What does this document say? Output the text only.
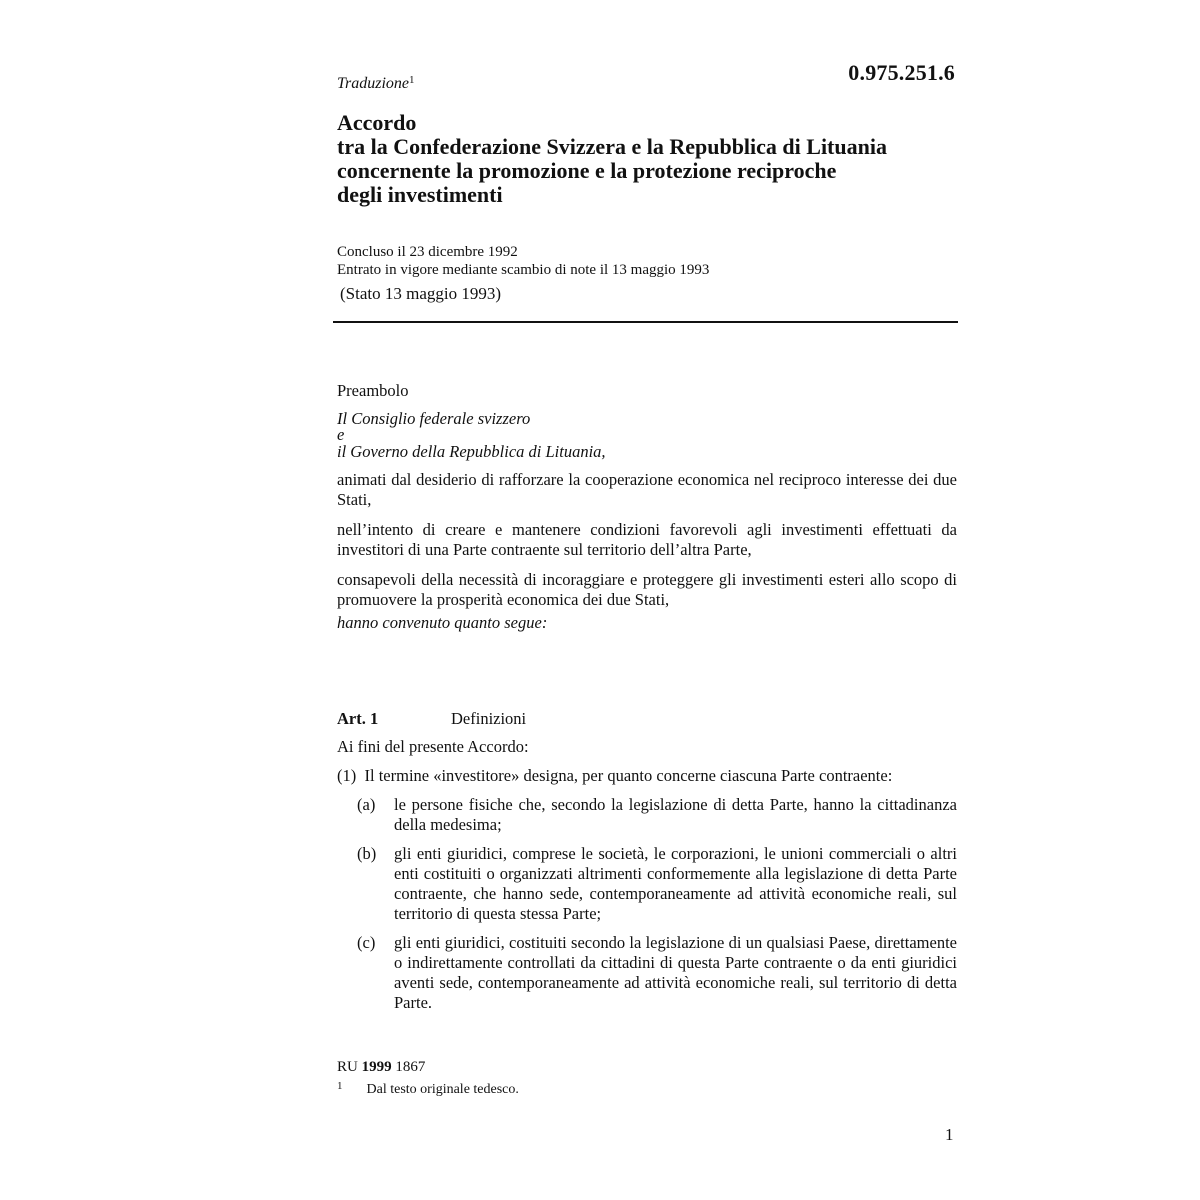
0.975.251.6
Traduzione$^1$
Accordo
tra la Confederazione Svizzera e la Repubblica di Lituania
concernente la promozione e la protezione reciproche
degli investimenti
Concluso il 23 dicembre 1992
Entrato in vigore mediante scambio di note il 13 maggio 1993
(Stato 13 maggio 1993)

Preambolo

Il Consiglio federale svizzero

e

il Governo della Repubblica di Lituania,

animati dal desiderio di rafforzare la cooperazione economica nel reciproco interesse dei due Stati,

nell’intento di creare e mantenere condizioni favorevoli agli investimenti effettuati da investitori di una Parte contraente sul territorio dell’altra Parte,

consapevoli della necessità di incoraggiare e proteggere gli investimenti esteri allo scopo di promuovere la prosperità economica dei due Stati,

hanno convenuto quanto segue:

Art. 1	Definizioni

Ai fini del presente Accordo:

(1) Il termine «investitore» designa, per quanto concerne ciascuna Parte contraente:

(a) le persone fisiche che, secondo la legislazione di detta Parte, hanno la cittadinanza della medesima;

(b) gli enti giuridici, comprese le società, le corporazioni, le unioni commerciali o altri enti costituiti o organizzati altrimenti conformemente alla legislazione di detta Parte contraente, che hanno sede, contemporaneamente ad attività economiche reali, sul territorio di questa stessa Parte;

(c) gli enti giuridici, costituiti secondo la legislazione di un qualsiasi Paese, direttamente o indirettamente controllati da cittadini di questa Parte contraente o da enti giuridici aventi sede, contemporaneamente ad attività economiche reali, sul territorio di detta Parte.

RU 1999 1867
$^1$ Dal testo originale tedesco.
1
